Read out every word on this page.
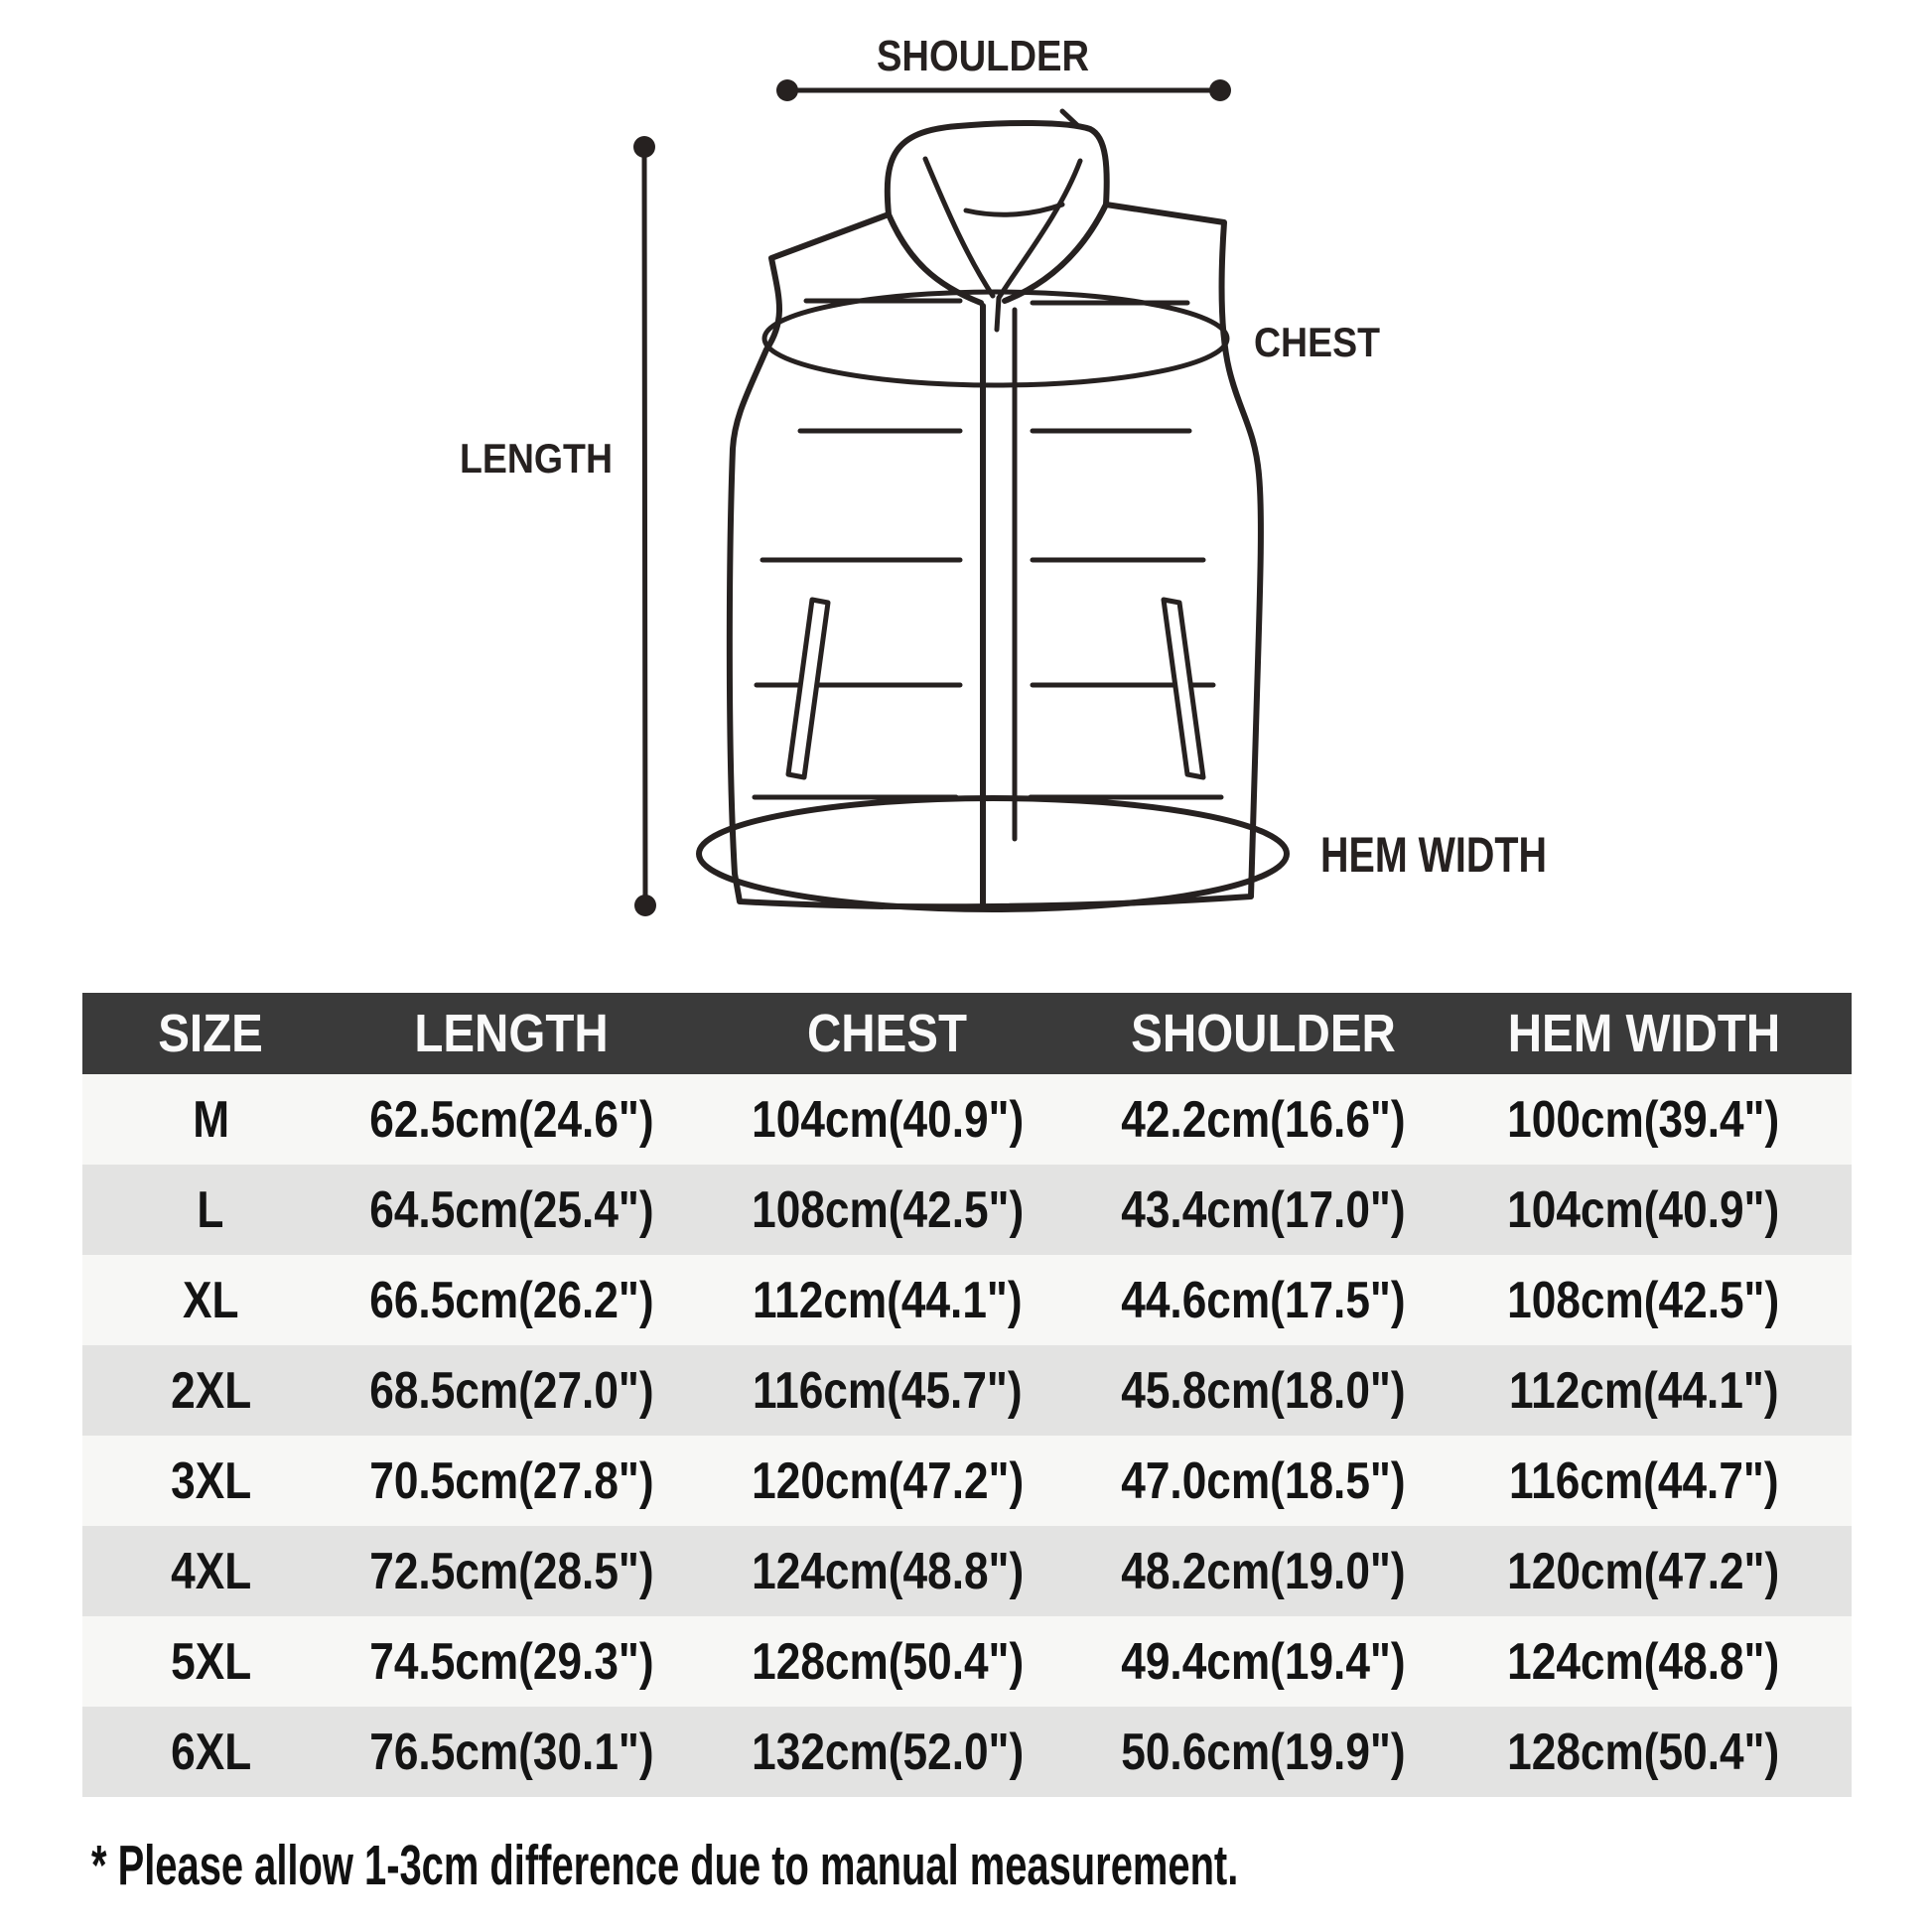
SHOULDER
LENGTH
CHEST
HEM WIDTH
SIZE	LENGTH	CHEST	SHOULDER	HEM WIDTH
M	62.5cm(24.6")	104cm(40.9")	42.2cm(16.6")	100cm(39.4")
L	64.5cm(25.4")	108cm(42.5")	43.4cm(17.0")	104cm(40.9")
XL	66.5cm(26.2")	112cm(44.1")	44.6cm(17.5")	108cm(42.5")
2XL	68.5cm(27.0")	116cm(45.7")	45.8cm(18.0")	112cm(44.1")
3XL	70.5cm(27.8")	120cm(47.2")	47.0cm(18.5")	116cm(44.7")
4XL	72.5cm(28.5")	124cm(48.8")	48.2cm(19.0")	120cm(47.2")
5XL	74.5cm(29.3")	128cm(50.4")	49.4cm(19.4")	124cm(48.8")
6XL	76.5cm(30.1")	132cm(52.0")	50.6cm(19.9")	128cm(50.4")
* Please allow 1-3cm difference due to manual measurement.
